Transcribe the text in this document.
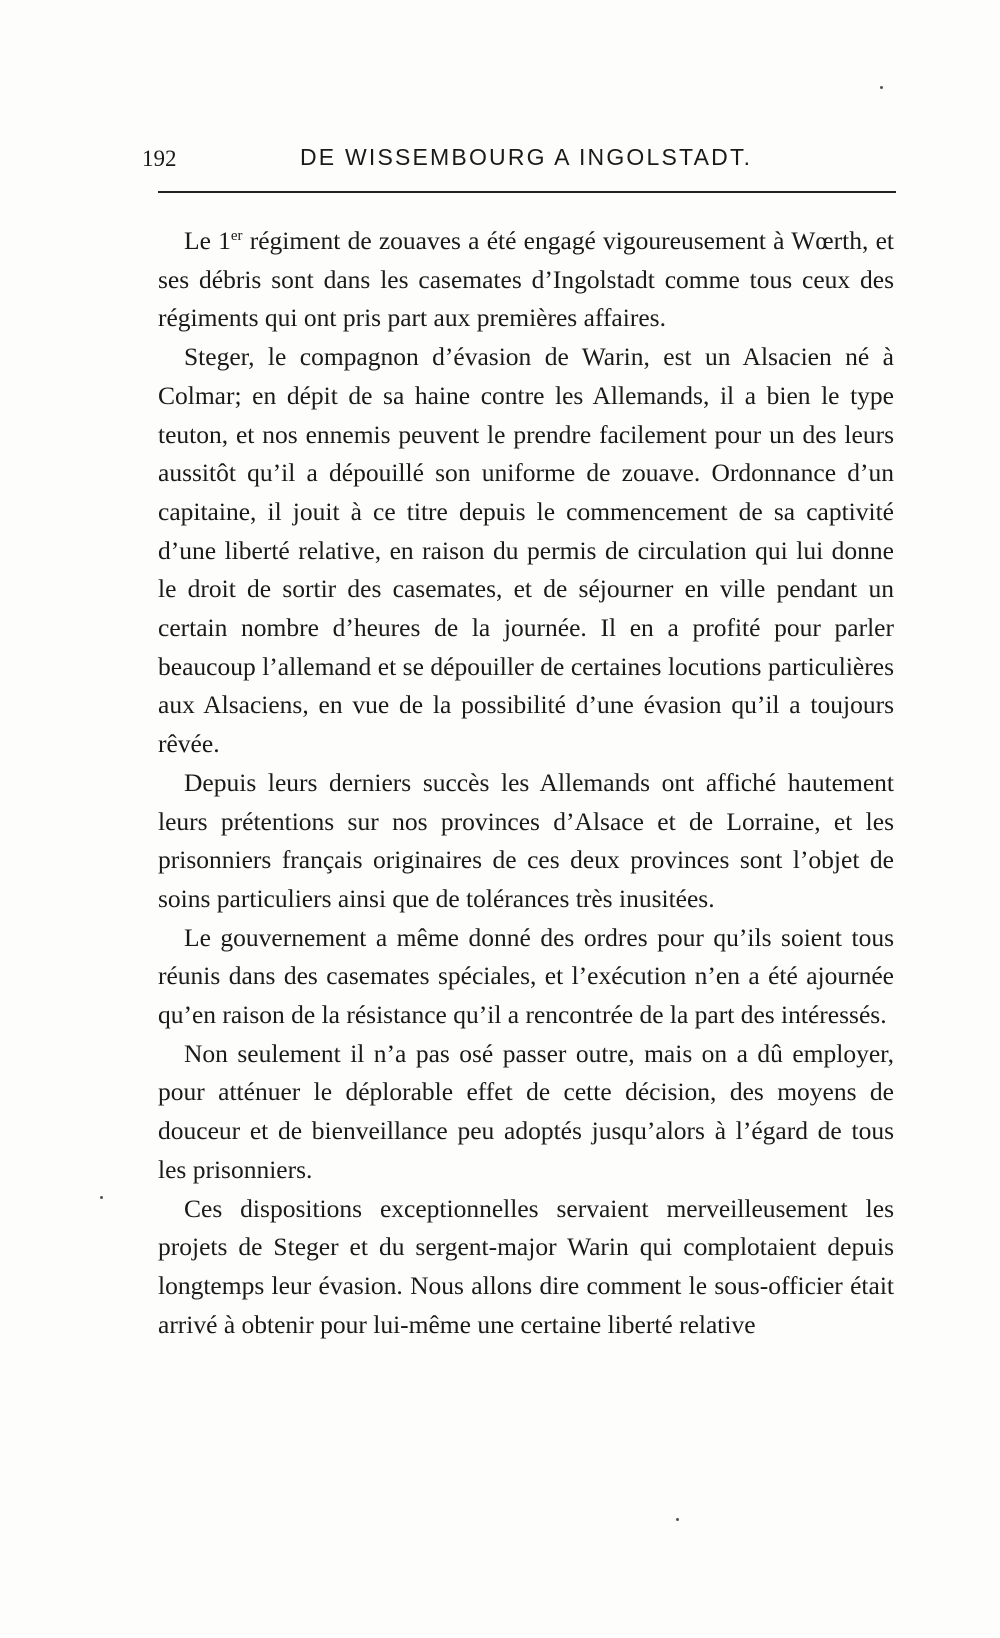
192	DE WISSEMBOURG A INGOLSTADT.

Le 1er régiment de zouaves a été engagé vigoureusement à Wœrth, et ses débris sont dans les casemates d’Ingolstadt comme tous ceux des régiments qui ont pris part aux premières affaires.

Steger, le compagnon d’évasion de Warin, est un Alsacien né à Colmar; en dépit de sa haine contre les Allemands, il a bien le type teuton, et nos ennemis peuvent le prendre facilement pour un des leurs aussitôt qu’il a dépouillé son uniforme de zouave. Ordonnance d’un capitaine, il jouit à ce titre depuis le commencement de sa captivité d’une liberté relative, en raison du permis de circulation qui lui donne le droit de sortir des casemates, et de séjourner en ville pendant un certain nombre d’heures de la journée. Il en a profité pour parler beaucoup l’allemand et se dépouiller de certaines locutions particulières aux Alsaciens, en vue de la possibilité d’une évasion qu’il a toujours rêvée.

Depuis leurs derniers succès les Allemands ont affiché hautement leurs prétentions sur nos provinces d’Alsace et de Lorraine, et les prisonniers français originaires de ces deux provinces sont l’objet de soins particuliers ainsi que de tolérances très inusitées.

Le gouvernement a même donné des ordres pour qu’ils soient tous réunis dans des casemates spéciales, et l’exécution n’en a été ajournée qu’en raison de la résistance qu’il a rencontrée de la part des intéressés.

Non seulement il n’a pas osé passer outre, mais on a dû employer, pour atténuer le déplorable effet de cette décision, des moyens de douceur et de bienveillance peu adoptés jusqu’alors à l’égard de tous les prisonniers.

Ces dispositions exceptionnelles servaient merveilleusement les projets de Steger et du sergent-major Warin qui complotaient depuis longtemps leur évasion. Nous allons dire comment le sous-officier était arrivé à obtenir pour lui-même une certaine liberté relative
